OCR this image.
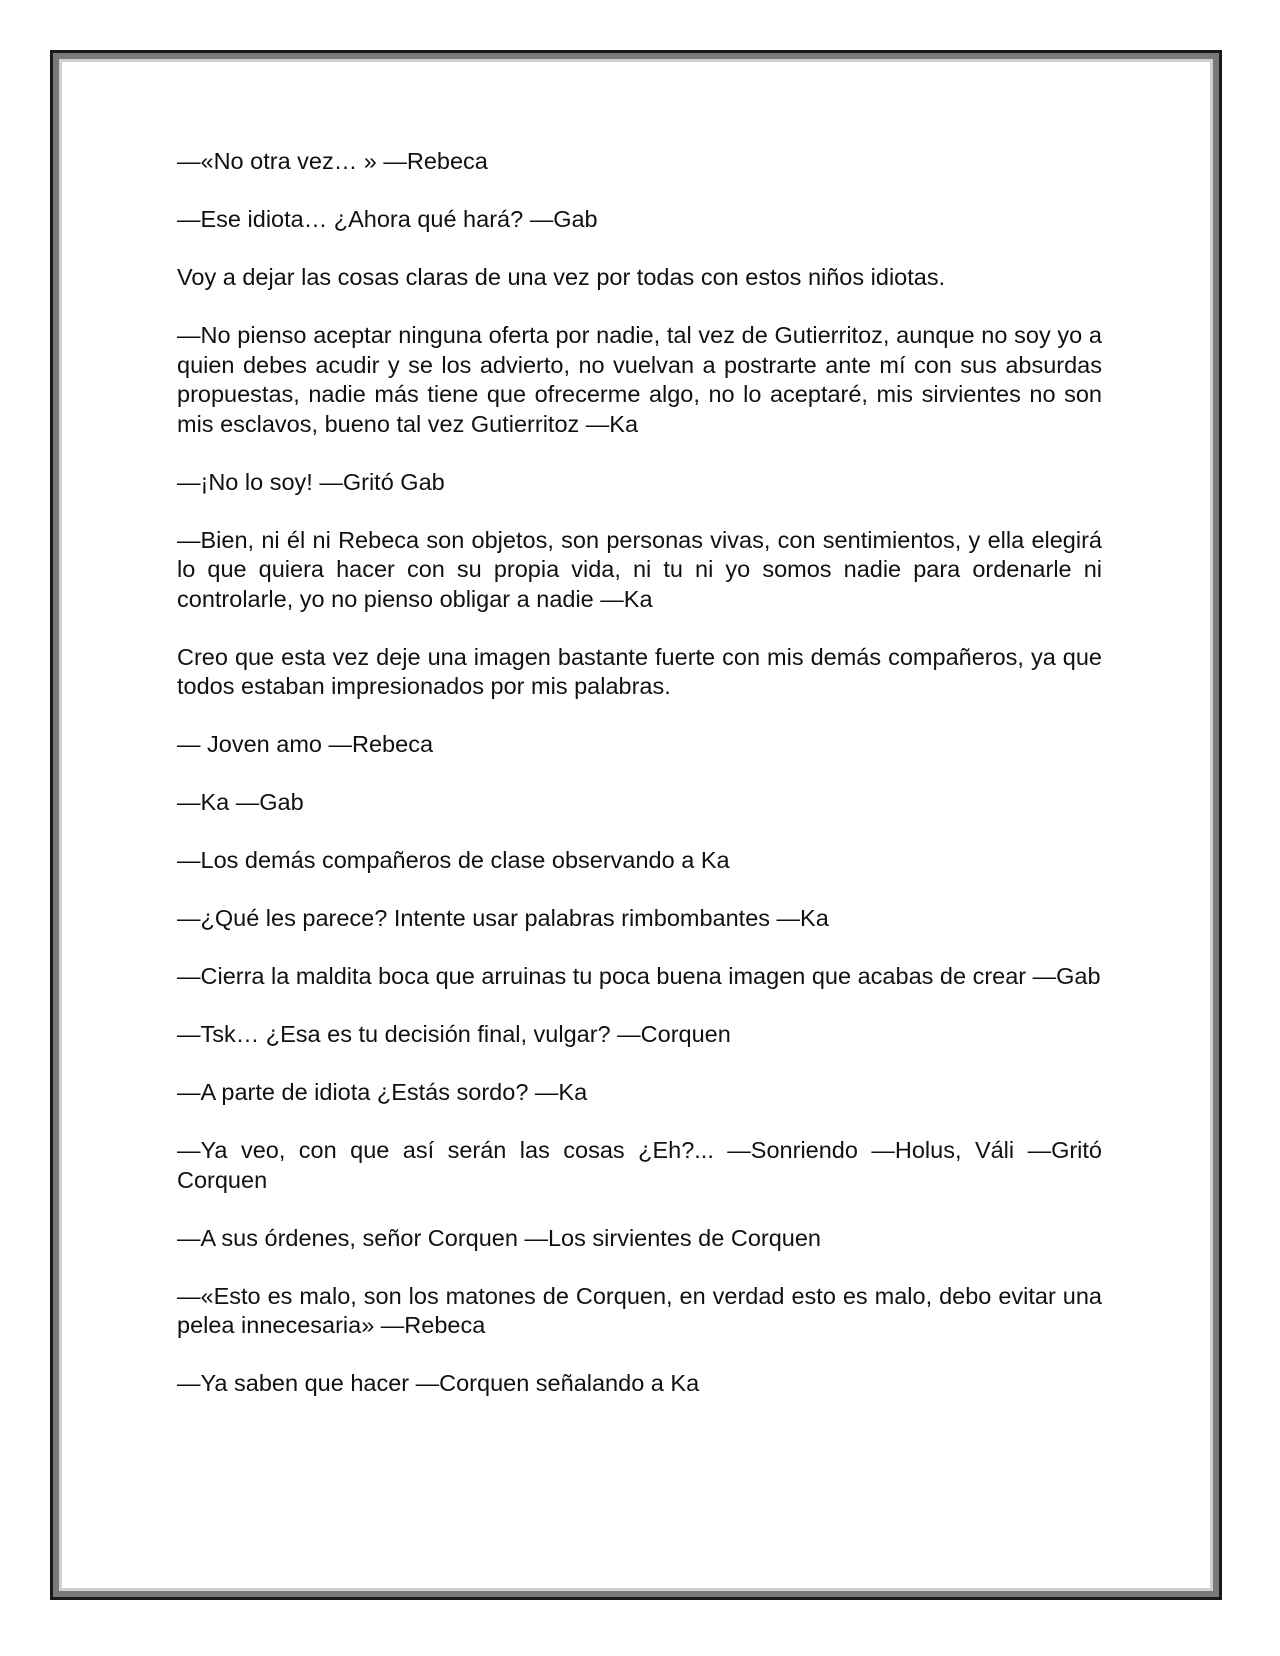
—«No otra vez… » —Rebeca

—Ese idiota… ¿Ahora qué hará? —Gab

Voy a dejar las cosas claras de una vez por todas con estos niños idiotas.

—No pienso aceptar ninguna oferta por nadie, tal vez de Gutierritoz, aunque no soy yo a quien debes acudir y se los advierto, no vuelvan a postrarte ante mí con sus absurdas propuestas, nadie más tiene que ofrecerme algo, no lo aceptaré, mis sirvientes no son mis esclavos, bueno tal vez Gutierritoz —Ka

—¡No lo soy! —Gritó Gab

—Bien, ni él ni Rebeca son objetos, son personas vivas, con sentimientos, y ella elegirá lo que quiera hacer con su propia vida, ni tu ni yo somos nadie para ordenarle ni controlarle, yo no pienso obligar a nadie —Ka

Creo que esta vez deje una imagen bastante fuerte con mis demás compañeros, ya que todos estaban impresionados por mis palabras.

— Joven amo —Rebeca

—Ka —Gab

—Los demás compañeros de clase observando a Ka

—¿Qué les parece? Intente usar palabras rimbombantes —Ka

—Cierra la maldita boca que arruinas tu poca buena imagen que acabas de crear —Gab

—Tsk… ¿Esa es tu decisión final, vulgar? —Corquen

—A parte de idiota ¿Estás sordo? —Ka

—Ya veo, con que así serán las cosas ¿Eh?... —Sonriendo —Holus, Váli —Gritó Corquen

—A sus órdenes, señor Corquen —Los sirvientes de Corquen

—«Esto es malo, son los matones de Corquen, en verdad esto es malo, debo evitar una pelea innecesaria» —Rebeca

—Ya saben que hacer —Corquen señalando a Ka
